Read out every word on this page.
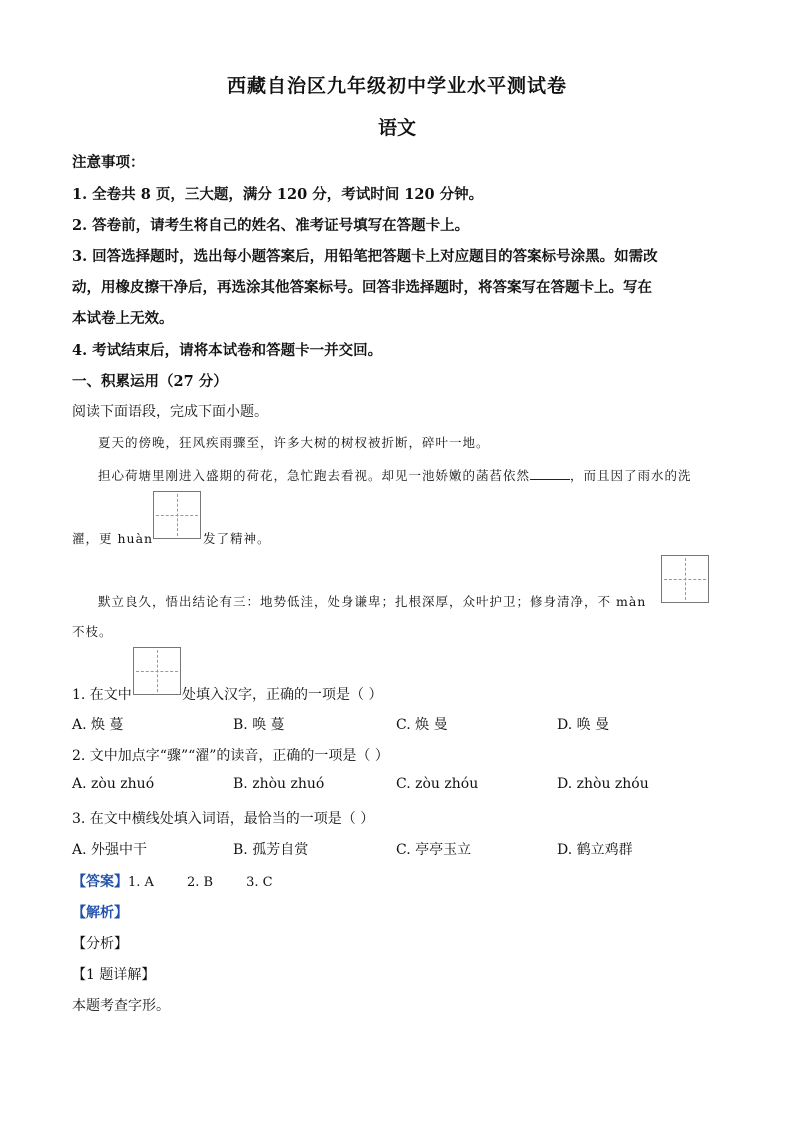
西藏自治区九年级初中学业水平测试卷
语文
注意事项：
1. 全卷共 8 页，三大题，满分 120 分，考试时间 120 分钟。
2. 答卷前，请考生将自己的姓名、准考证号填写在答题卡上。
3. 回答选择题时，选出每小题答案后，用铅笔把答题卡上对应题目的答案标号涂黑。如需改
动，用橡皮擦干净后，再选涂其他答案标号。回答非选择题时，将答案写在答题卡上。写在
本试卷上无效。
4. 考试结束后，请将本试卷和答题卡一并交回。
一、积累运用（27 分）
阅读下面语段，完成下面小题。
夏天的傍晚，狂风疾雨骤至，许多大树的树杈被折断，碎叶一地。
担心荷塘里刚进入盛期的荷花，急忙跑去看视。却见一池娇嫩的菡萏依然	，而且因了雨水的洗
濯，更 huàn	发了精神。
默立良久，悟出结论有三：地势低洼，处身谦卑；扎根深厚，众叶护卫；修身清净，不 màn
不枝。
1. 在文中	处填入汉字，正确的一项是（ ）
A. 焕 蔓	B. 唤 蔓	C. 焕 曼	D. 唤 曼
2. 文中加点字“骤”“濯”的读音，正确的一项是（ ）
A. zòu zhuó	B. zhòu zhuó	C. zòu zhóu	D. zhòu zhóu
3. 在文中横线处填入词语，最恰当的一项是（ ）
A. 外强中干	B. 孤芳自赏	C. 亭亭玉立	D. 鹤立鸡群
【答案】1. A        2. B        3. C
【解析】
【分析】
【1 题详解】
本题考查字形。
